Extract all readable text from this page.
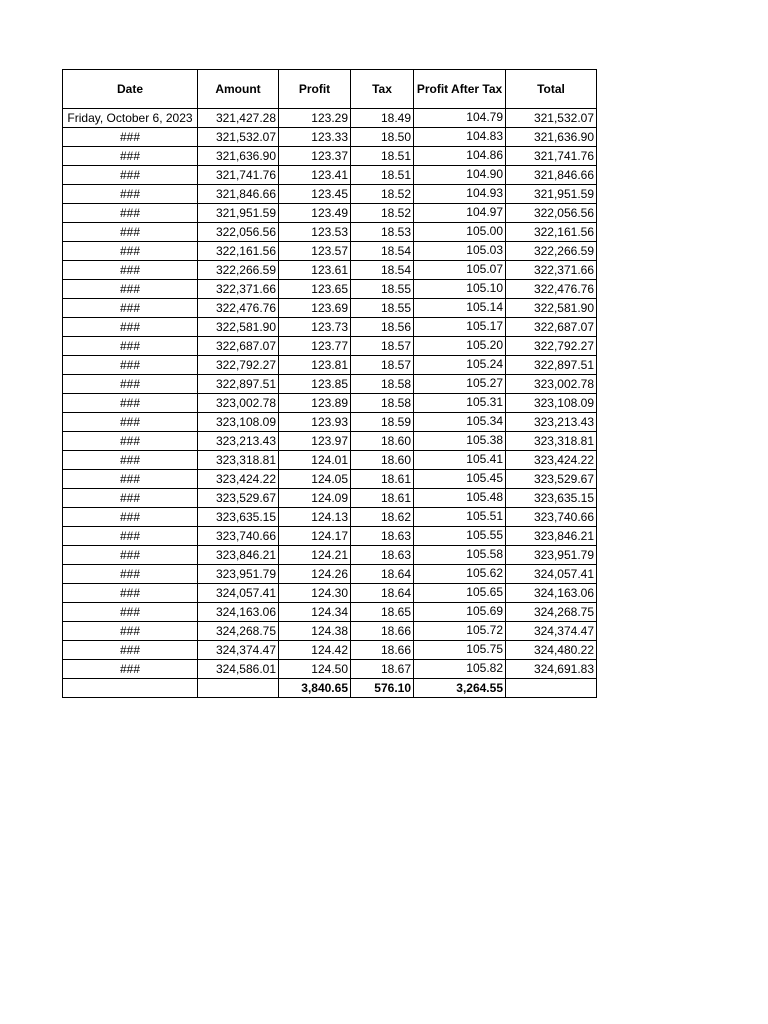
Date	Amount	Profit	Tax	Profit After Tax	Total
Friday, October 6, 2023	321,427.28	123.29	18.49	104.79	321,532.07
###	321,532.07	123.33	18.50	104.83	321,636.90
###	321,636.90	123.37	18.51	104.86	321,741.76
###	321,741.76	123.41	18.51	104.90	321,846.66
###	321,846.66	123.45	18.52	104.93	321,951.59
###	321,951.59	123.49	18.52	104.97	322,056.56
###	322,056.56	123.53	18.53	105.00	322,161.56
###	322,161.56	123.57	18.54	105.03	322,266.59
###	322,266.59	123.61	18.54	105.07	322,371.66
###	322,371.66	123.65	18.55	105.10	322,476.76
###	322,476.76	123.69	18.55	105.14	322,581.90
###	322,581.90	123.73	18.56	105.17	322,687.07
###	322,687.07	123.77	18.57	105.20	322,792.27
###	322,792.27	123.81	18.57	105.24	322,897.51
###	322,897.51	123.85	18.58	105.27	323,002.78
###	323,002.78	123.89	18.58	105.31	323,108.09
###	323,108.09	123.93	18.59	105.34	323,213.43
###	323,213.43	123.97	18.60	105.38	323,318.81
###	323,318.81	124.01	18.60	105.41	323,424.22
###	323,424.22	124.05	18.61	105.45	323,529.67
###	323,529.67	124.09	18.61	105.48	323,635.15
###	323,635.15	124.13	18.62	105.51	323,740.66
###	323,740.66	124.17	18.63	105.55	323,846.21
###	323,846.21	124.21	18.63	105.58	323,951.79
###	323,951.79	124.26	18.64	105.62	324,057.41
###	324,057.41	124.30	18.64	105.65	324,163.06
###	324,163.06	124.34	18.65	105.69	324,268.75
###	324,268.75	124.38	18.66	105.72	324,374.47
###	324,374.47	124.42	18.66	105.75	324,480.22
###	324,586.01	124.50	18.67	105.82	324,691.83
		3,840.65	576.10	3,264.55	
